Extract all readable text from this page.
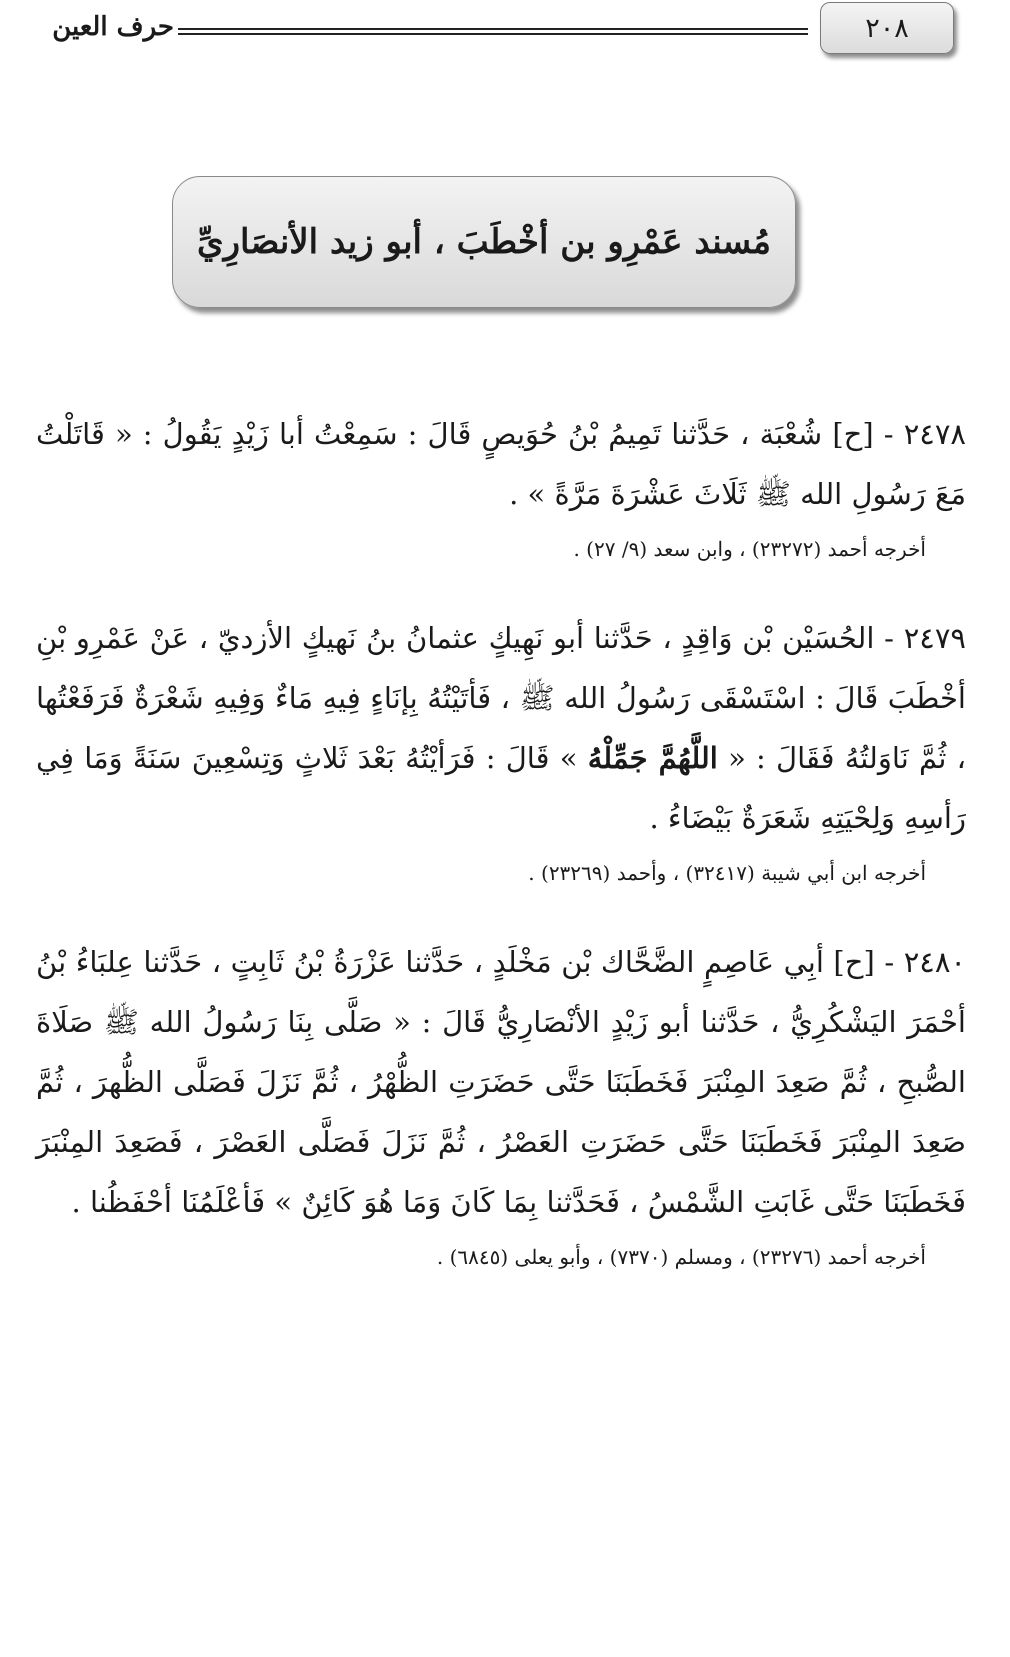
٢٠٨
حرف العين
مُسند عَمْرِو بن أخْطَبَ ، أبو زيد الأنصَارِيِّ

٢٤٧٨ - [ح] شُعْبَة ، حَدَّثنا تَمِيمُ بْنُ حُوَيصٍ قَالَ : سَمِعْتُ أبا زَيْدٍ يَقُولُ : « قَاتَلْتُ مَعَ رَسُولِ الله ﷺ ثَلَاثَ عَشْرَةَ مَرَّةً » .

أخرجه أحمد (٢٣٢٧٢) ، وابن سعد (٩/ ٢٧) .

٢٤٧٩ - الحُسَيْن بْن وَاقِدٍ ، حَدَّثنا أبو نَهِيكٍ عثمانُ بنُ نَهيكٍ الأزديّ ، عَنْ عَمْرِو بْنِ أخْطَبَ قَالَ : اسْتَسْقَى رَسُولُ الله ﷺ ، فَأتَيْتُهُ بِإنَاءٍ فِيهِ مَاءٌ وَفِيهِ شَعْرَةٌ فَرَفَعْتُها ، ثُمَّ نَاوَلتُهُ فَقَالَ : « اللَّهُمَّ جَمِّلْهُ » قَالَ : فَرَأيْتُهُ بَعْدَ ثَلاثٍ وَتِسْعِينَ سَنَةً وَمَا فِي رَأسِهِ وَلِحْيَتِهِ شَعَرَةٌ بَيْضَاءُ .

أخرجه ابن أبي شيبة (٣٢٤١٧) ، وأحمد (٢٣٢٦٩) .

٢٤٨٠ - [ح] أبِي عَاصِمٍ الضَّحَّاك بْن مَخْلَدٍ ، حَدَّثنا عَزْرَةُ بْنُ ثَابِتٍ ، حَدَّثنا عِلبَاءُ بْنُ أحْمَرَ اليَشْكُرِيُّ ، حَدَّثنا أبو زَيْدٍ الأنْصَارِيُّ قَالَ : « صَلَّى بِنَا رَسُولُ الله ﷺ صَلَاةَ الصُّبحِ ، ثُمَّ صَعِدَ المِنْبَرَ فَخَطَبَنَا حَتَّى حَضَرَتِ الظُّهْرُ ، ثُمَّ نَزَلَ فَصَلَّى الظُّهرَ ، ثُمَّ صَعِدَ المِنْبَرَ فَخَطَبَنَا حَتَّى حَضَرَتِ العَصْرُ ، ثُمَّ نَزَلَ فَصَلَّى العَصْرَ ، فَصَعِدَ المِنْبَرَ فَخَطَبَنَا حَتَّى غَابَتِ الشَّمْسُ ، فَحَدَّثنا بِمَا كَانَ وَمَا هُوَ كَائِنٌ » فَأعْلَمُنَا أحْفَظُنا .

أخرجه أحمد (٢٣٢٧٦) ، ومسلم (٧٣٧٠) ، وأبو يعلى (٦٨٤٥) .
